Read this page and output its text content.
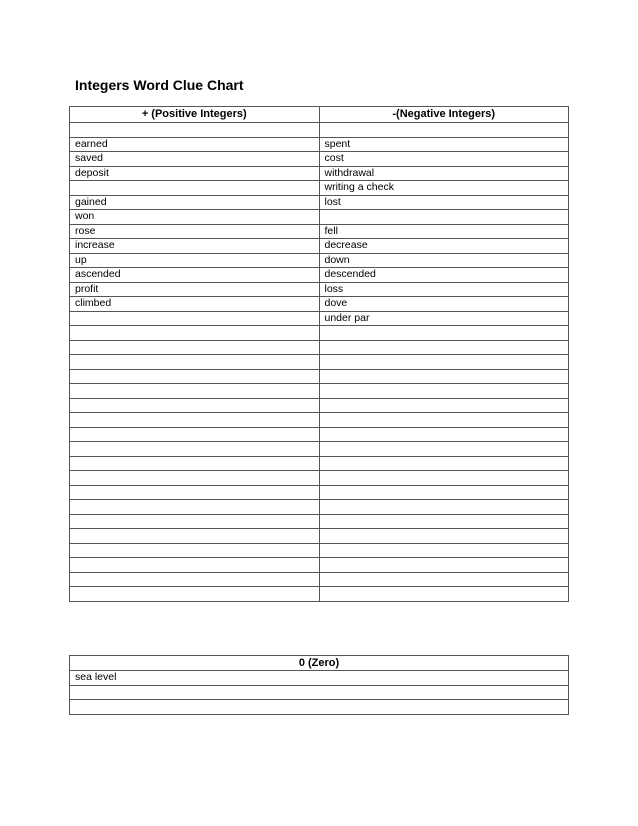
Integers Word Clue Chart
+ (Positive Integers)	-(Negative Integers)

earned	spent
saved	cost
deposit	withdrawal
	writing a check
gained	lost
won	
rose	fell
increase	decrease
up	down
ascended	descended
profit	loss
climbed	dove
	under par

0 (Zero)
sea level
